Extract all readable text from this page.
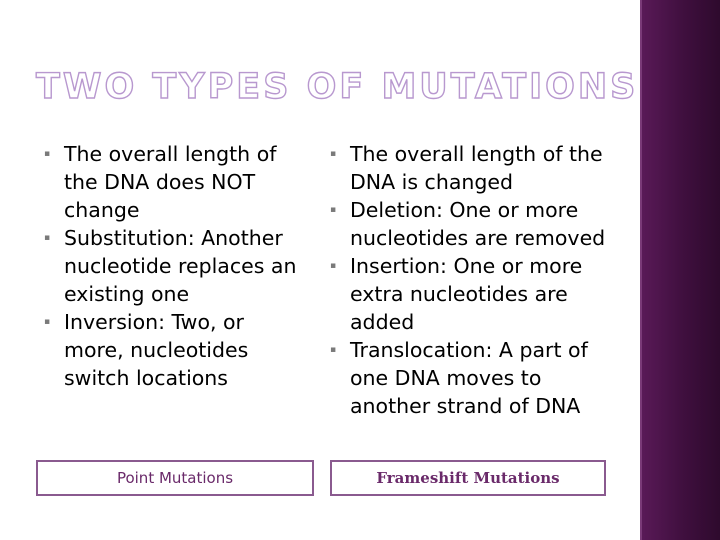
TWO TYPES OF MUTATIONS
▪ The overall length of the DNA does NOT change
▪ Substitution: Another nucleotide replaces an existing one
▪ Inversion: Two, or more, nucleotides switch locations
▪ The overall length of the DNA is changed
▪ Deletion: One or more nucleotides are removed
▪ Insertion: One or more extra nucleotides are added
▪ Translocation: A part of one DNA moves to another strand of DNA
Point Mutations	Frameshift Mutations
